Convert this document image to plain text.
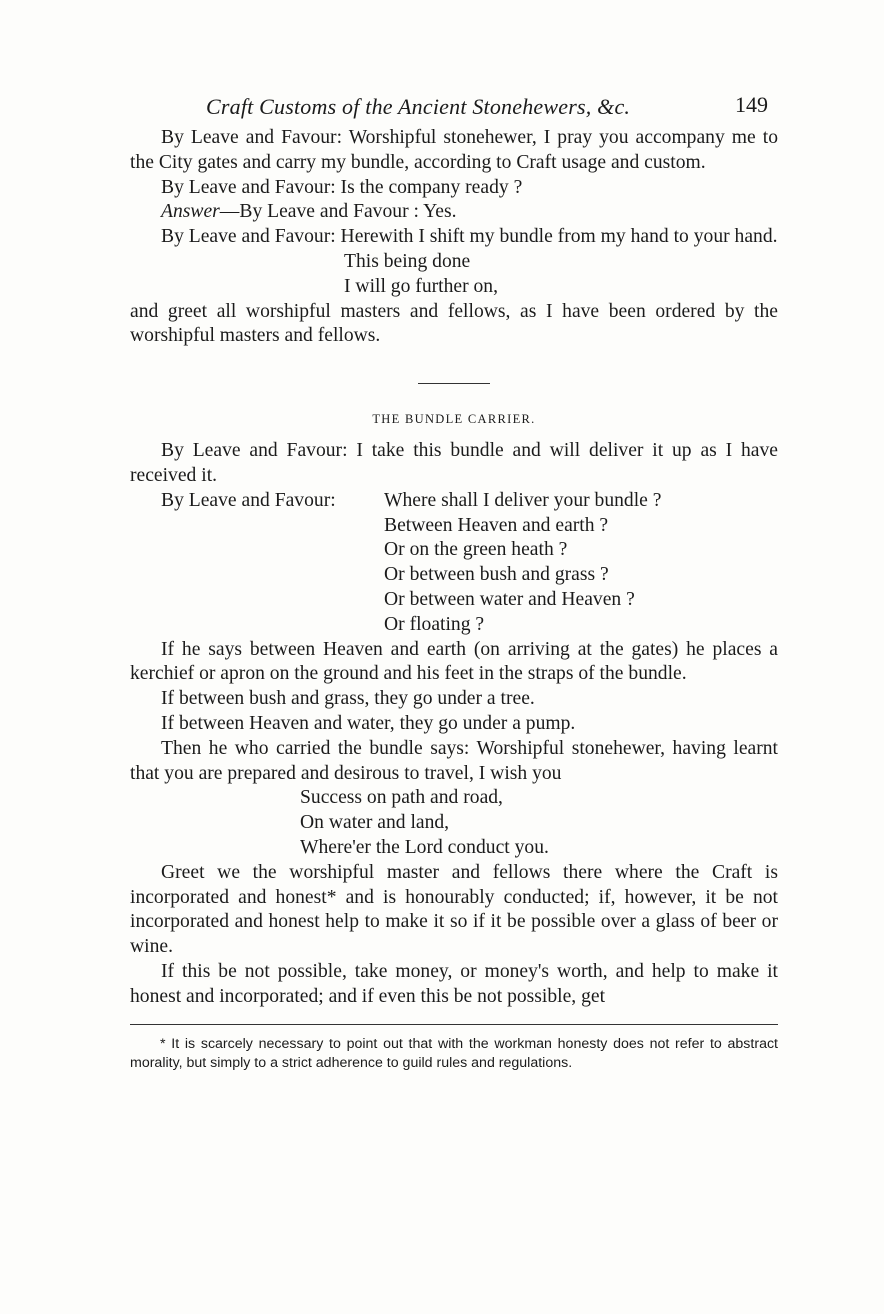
Craft Customs of the Ancient Stonehewers, &c.	149

By Leave and Favour: Worshipful stonehewer, I pray you accompany me to the City gates and carry my bundle, according to Craft usage and custom.

By Leave and Favour: Is the company ready ?

Answer—By Leave and Favour : Yes.

By Leave and Favour: Herewith I shift my bundle from my hand to your hand.

This being done
I will go further on,

and greet all worshipful masters and fellows, as I have been ordered by the worshipful masters and fellows.

THE BUNDLE CARRIER.

By Leave and Favour: I take this bundle and will deliver it up as I have received it.

By Leave and Favour: Where shall I deliver your bundle ?
Between Heaven and earth ?
Or on the green heath ?
Or between bush and grass ?
Or between water and Heaven ?
Or floating ?

If he says between Heaven and earth (on arriving at the gates) he places a kerchief or apron on the ground and his feet in the straps of the bundle.

If between bush and grass, they go under a tree.

If between Heaven and water, they go under a pump.

Then he who carried the bundle says: Worshipful stonehewer, having learnt that you are prepared and desirous to travel, I wish you

Success on path and road,
On water and land,
Where'er the Lord conduct you.

Greet we the worshipful master and fellows there where the Craft is incorporated and honest* and is honourably conducted; if, however, it be not incorporated and honest help to make it so if it be possible over a glass of beer or wine.

If this be not possible, take money, or money's worth, and help to make it honest and incorporated; and if even this be not possible, get

* It is scarcely necessary to point out that with the workman honesty does not refer to abstract morality, but simply to a strict adherence to guild rules and regulations.
